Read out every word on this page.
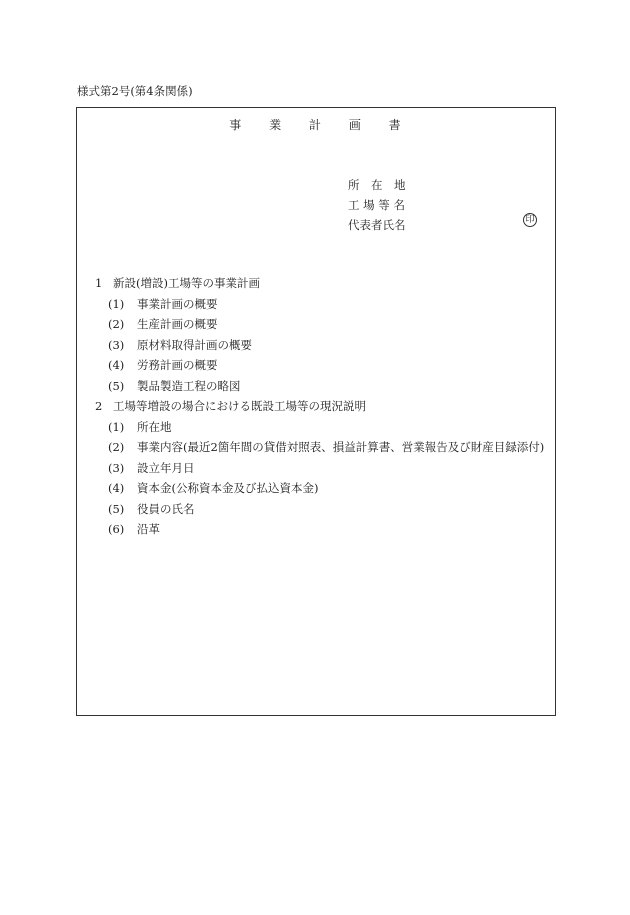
様式第2号(第4条関係)
事 業 計 画 書
所　在　地
工 場 等 名
代表者氏名	印
1 新設(増設)工場等の事業計画
(1) 事業計画の概要
(2) 生産計画の概要
(3) 原材料取得計画の概要
(4) 労務計画の概要
(5) 製品製造工程の略図
2 工場等増設の場合における既設工場等の現況説明
(1) 所在地
(2) 事業内容(最近2箇年間の貸借対照表、損益計算書、営業報告及び財産目録添付)
(3) 設立年月日
(4) 資本金(公称資本金及び払込資本金)
(5) 役員の氏名
(6) 沿革
